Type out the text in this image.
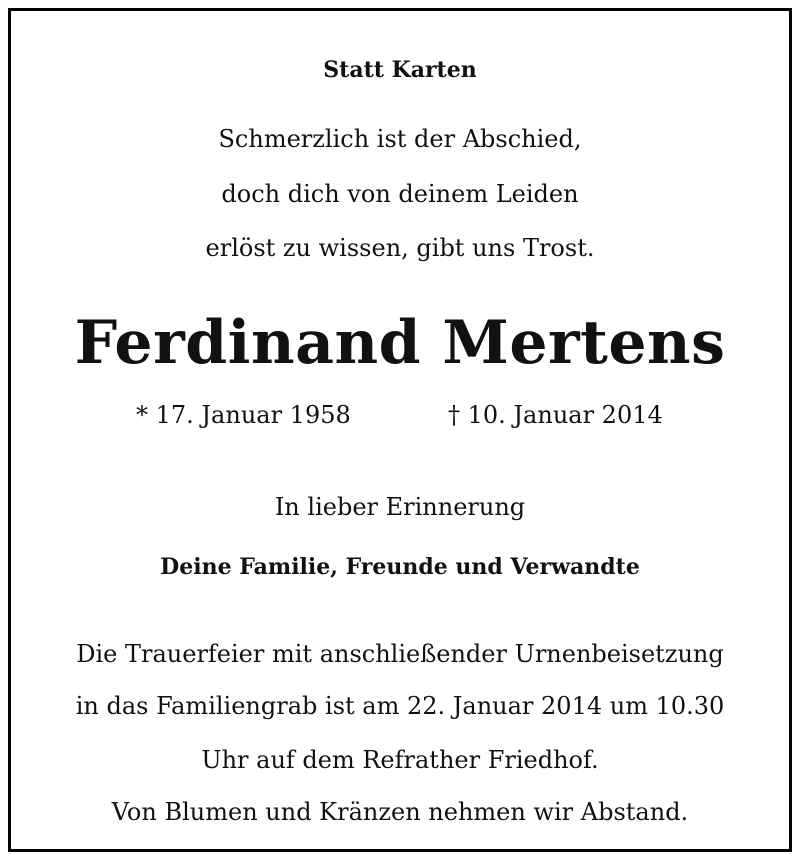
Statt Karten
Schmerzlich ist der Abschied,
doch dich von deinem Leiden
erlöst zu wissen, gibt uns Trost.
Ferdinand Mertens
* 17. Januar 1958	† 10. Januar 2014
In lieber Erinnerung
Deine Familie, Freunde und Verwandte
Die Trauerfeier mit anschließender Urnenbeisetzung
in das Familiengrab ist am 22. Januar 2014 um 10.30
Uhr auf dem Refrather Friedhof.
Von Blumen und Kränzen nehmen wir Abstand.
